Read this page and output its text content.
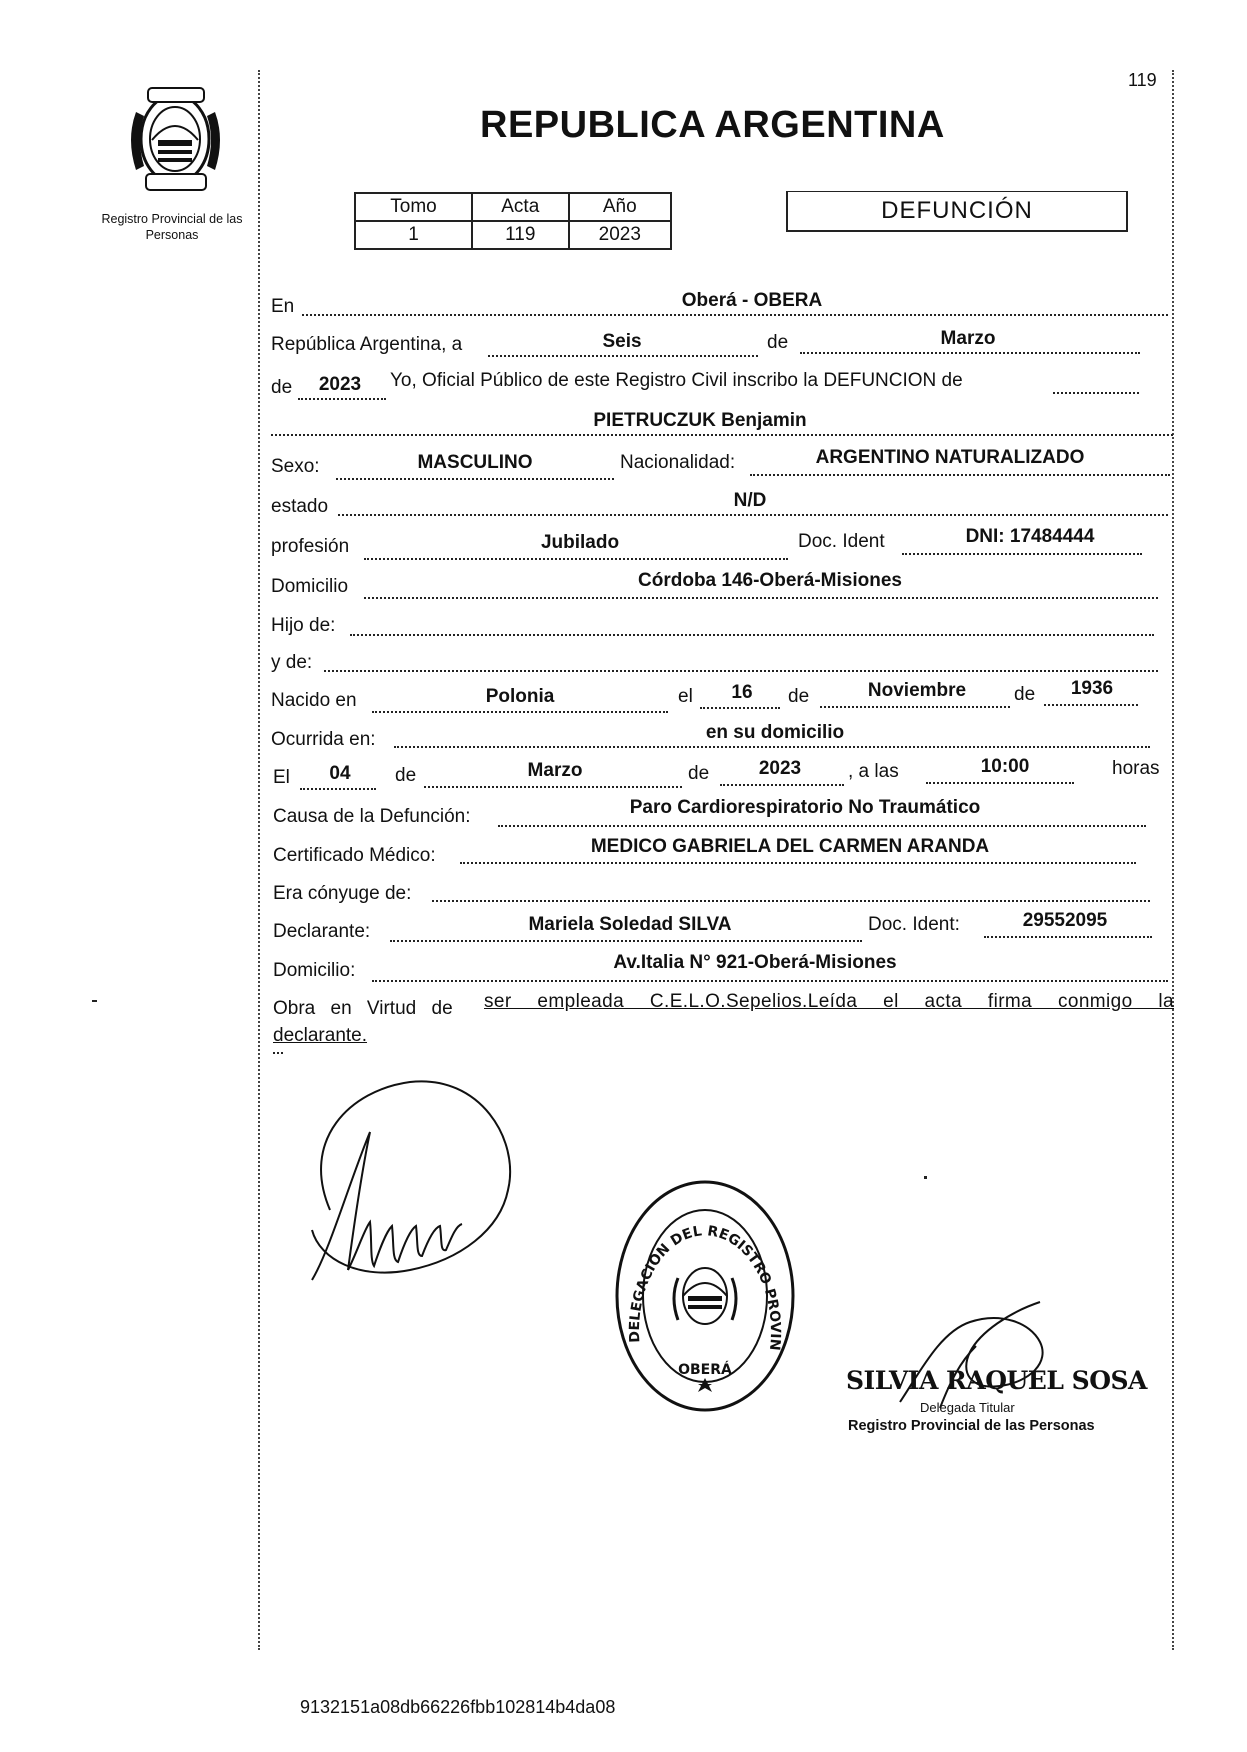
119
Registro Provincial de las Personas
REPUBLICA ARGENTINA
Tomo	Acta	Año
1	119	2023
DEFUNCIÓN
En	Oberá - OBERA
República Argentina, a	Seis	de	Marzo
de	2023	Yo, Oficial Público de este Registro Civil inscribo la DEFUNCION de
PIETRUCZUK Benjamin
Sexo:	MASCULINO	Nacionalidad:	ARGENTINO NATURALIZADO
estado	N/D
profesión	Jubilado	Doc. Ident	DNI: 17484444
Domicilio	Córdoba 146-Oberá-Misiones
Hijo de:
y de:
Nacido en	Polonia	el	16	de	Noviembre	de	1936
Ocurrida en:	en su domicilio
El	04	de	Marzo	de	2023	, a las	10:00	horas
Causa de la Defunción:	Paro Cardiorespiratorio No Traumático
Certificado Médico:	MEDICO GABRIELA DEL CARMEN ARANDA
Era cónyuge de:
Declarante:	Mariela Soledad SILVA	Doc. Ident:	29552095
Domicilio:	Av.Italia N° 921-Oberá-Misiones
Obra en Virtud de ser empleada C.E.L.O.Sepelios.Leída el acta firma conmigo la
declarante.
DELEGACION DEL REGISTRO PROVIN
OBERÁ	SILVIA RAQUEL SOSA
Delegada Titular
Registro Provincial de las Personas
9132151a08db66226fbb102814b4da08
